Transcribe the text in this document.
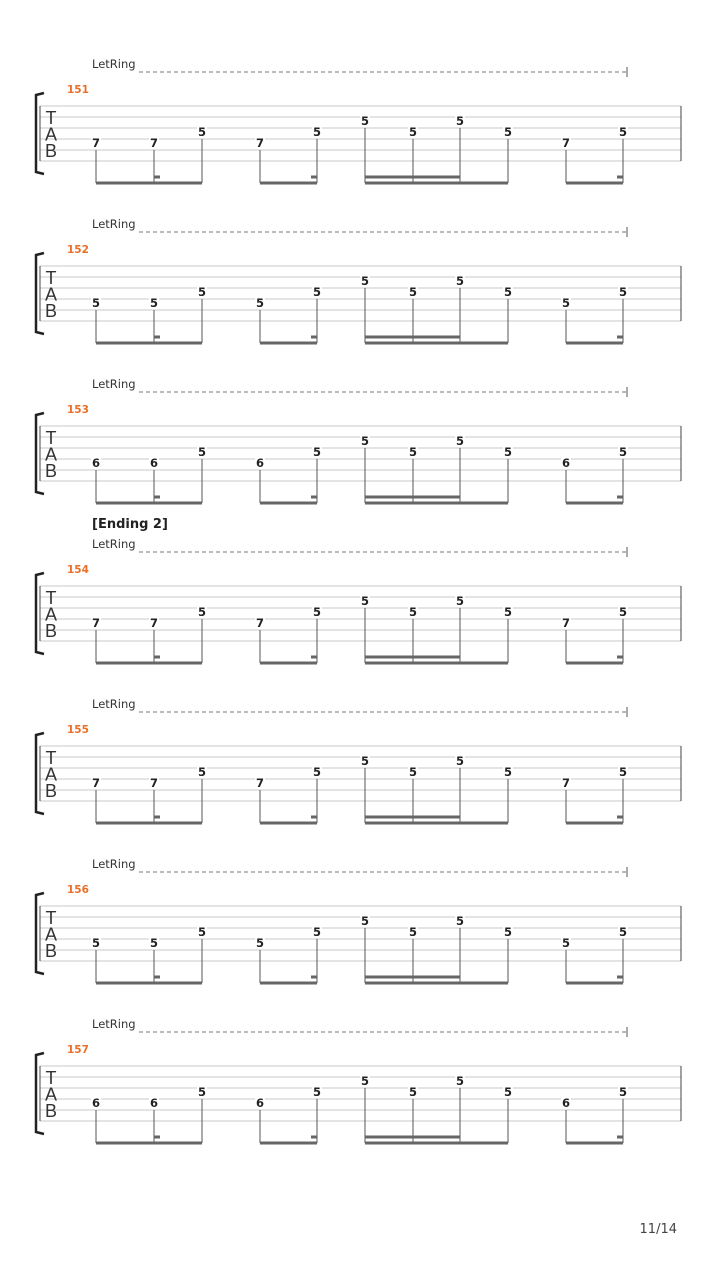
LetRing
151
T
A
B	7	7
5
7
5
5
5
5
5
7
5
LetRing
152
T
A
B	5	5
5
5
5
5
5
5
5
5
5
LetRing
153
T
A
B	6	6
5
6
5
5
5
5
5
6
5
[Ending 2]
LetRing
154
T
A
B	7	7
5
7
5
5
5
5
5
7
5
LetRing
155
T
A
B	7	7
5
7
5
5
5
5
5
7
5
LetRing
156
T
A
B	5	5
5
5
5
5
5
5
5
5
5
LetRing
157
T
A
B	6	6
5
6
5
5
5
5
5
6
5
11/14
